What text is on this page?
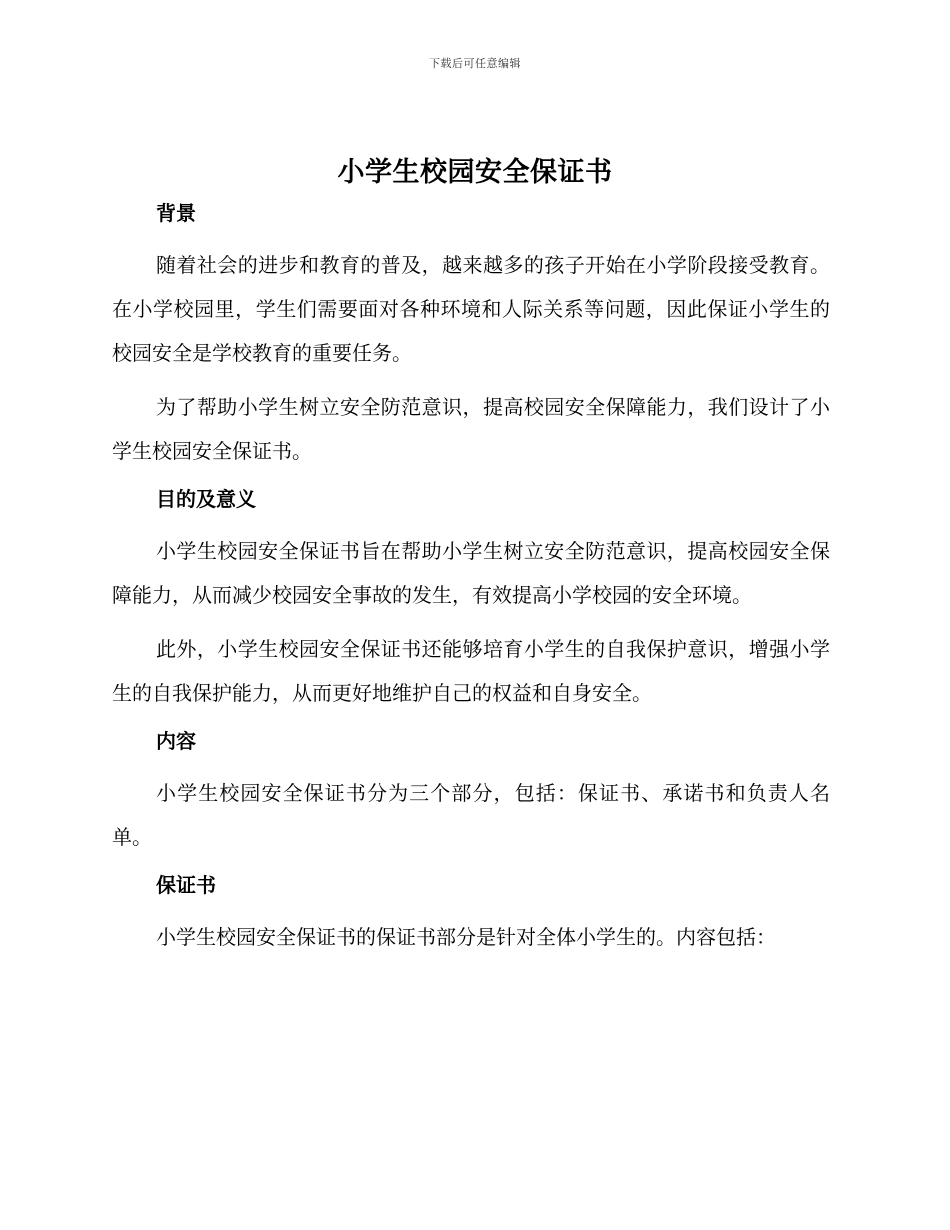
下载后可任意编辑
小学生校园安全保证书
背景

随着社会的进步和教育的普及，越来越多的孩子开始在小学阶段接受教育。在小学校园里，学生们需要面对各种环境和人际关系等问题，因此保证小学生的校园安全是学校教育的重要任务。

为了帮助小学生树立安全防范意识，提高校园安全保障能力，我们设计了小学生校园安全保证书。

目的及意义

小学生校园安全保证书旨在帮助小学生树立安全防范意识，提高校园安全保障能力，从而减少校园安全事故的发生，有效提高小学校园的安全环境。

此外，小学生校园安全保证书还能够培育小学生的自我保护意识，增强小学生的自我保护能力，从而更好地维护自己的权益和自身安全。

内容

小学生校园安全保证书分为三个部分，包括：保证书、承诺书和负责人名单。

保证书

小学生校园安全保证书的保证书部分是针对全体小学生的。内容包括：
